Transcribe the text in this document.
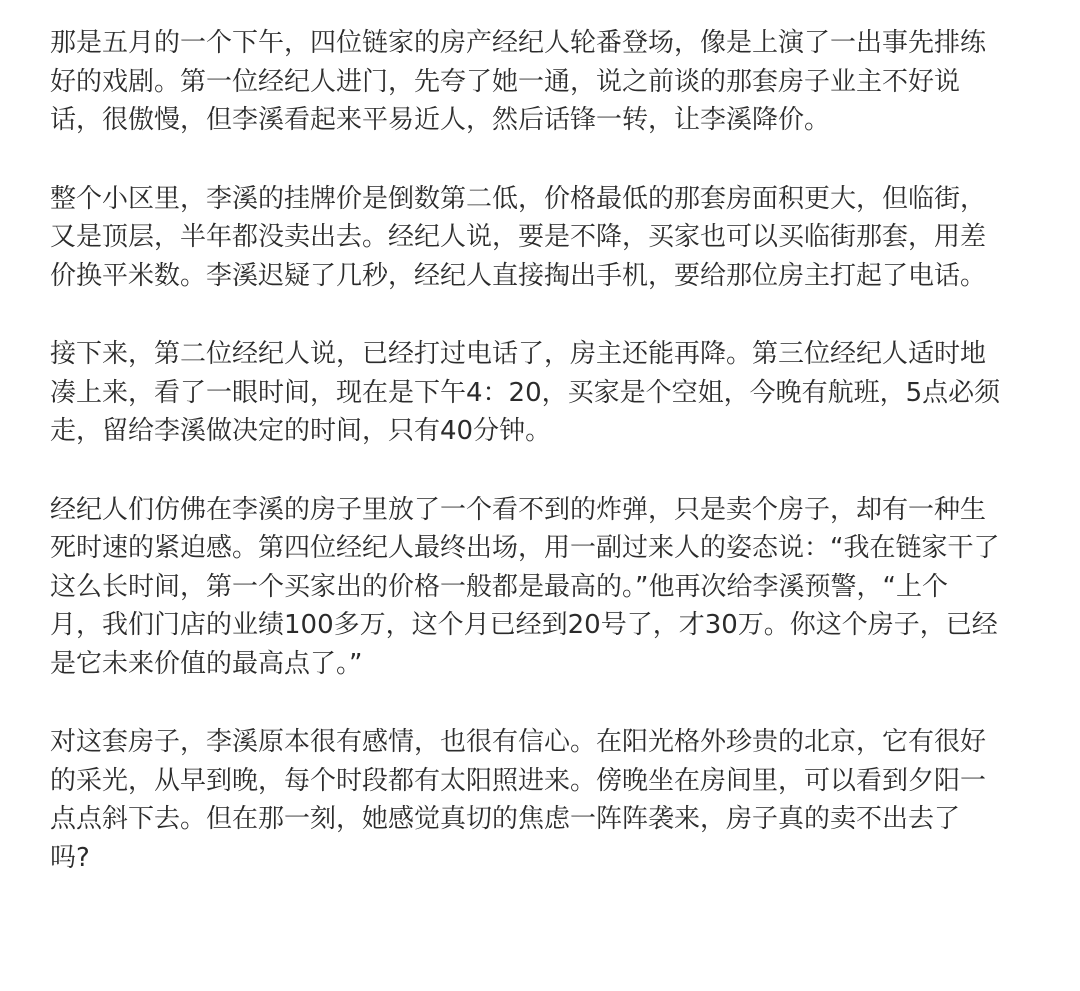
那是五月的一个下午，四位链家的房产经纪人轮番登场，像是上演了一出事先排练
好的戏剧。第一位经纪人进门，先夸了她一通，说之前谈的那套房子业主不好说
话，很傲慢，但李溪看起来平易近人，然后话锋一转，让李溪降价。

整个小区里，李溪的挂牌价是倒数第二低，价格最低的那套房面积更大，但临街，
又是顶层，半年都没卖出去。经纪人说，要是不降，买家也可以买临街那套，用差
价换平米数。李溪迟疑了几秒，经纪人直接掏出手机，要给那位房主打起了电话。

接下来，第二位经纪人说，已经打过电话了，房主还能再降。第三位经纪人适时地
凑上来，看了一眼时间，现在是下午4：20，买家是个空姐，今晚有航班，5点必须
走，留给李溪做决定的时间，只有40分钟。

经纪人们仿佛在李溪的房子里放了一个看不到的炸弹，只是卖个房子，却有一种生
死时速的紧迫感。第四位经纪人最终出场，用一副过来人的姿态说：“我在链家干了
这么长时间，第一个买家出的价格一般都是最高的。”他再次给李溪预警，“上个
月，我们门店的业绩100多万，这个月已经到20号了，才30万。你这个房子，已经
是它未来价值的最高点了。”

对这套房子，李溪原本很有感情，也很有信心。在阳光格外珍贵的北京，它有很好
的采光，从早到晚，每个时段都有太阳照进来。傍晚坐在房间里，可以看到夕阳一
点点斜下去。但在那一刻，她感觉真切的焦虑一阵阵袭来，房子真的卖不出去了
吗?
